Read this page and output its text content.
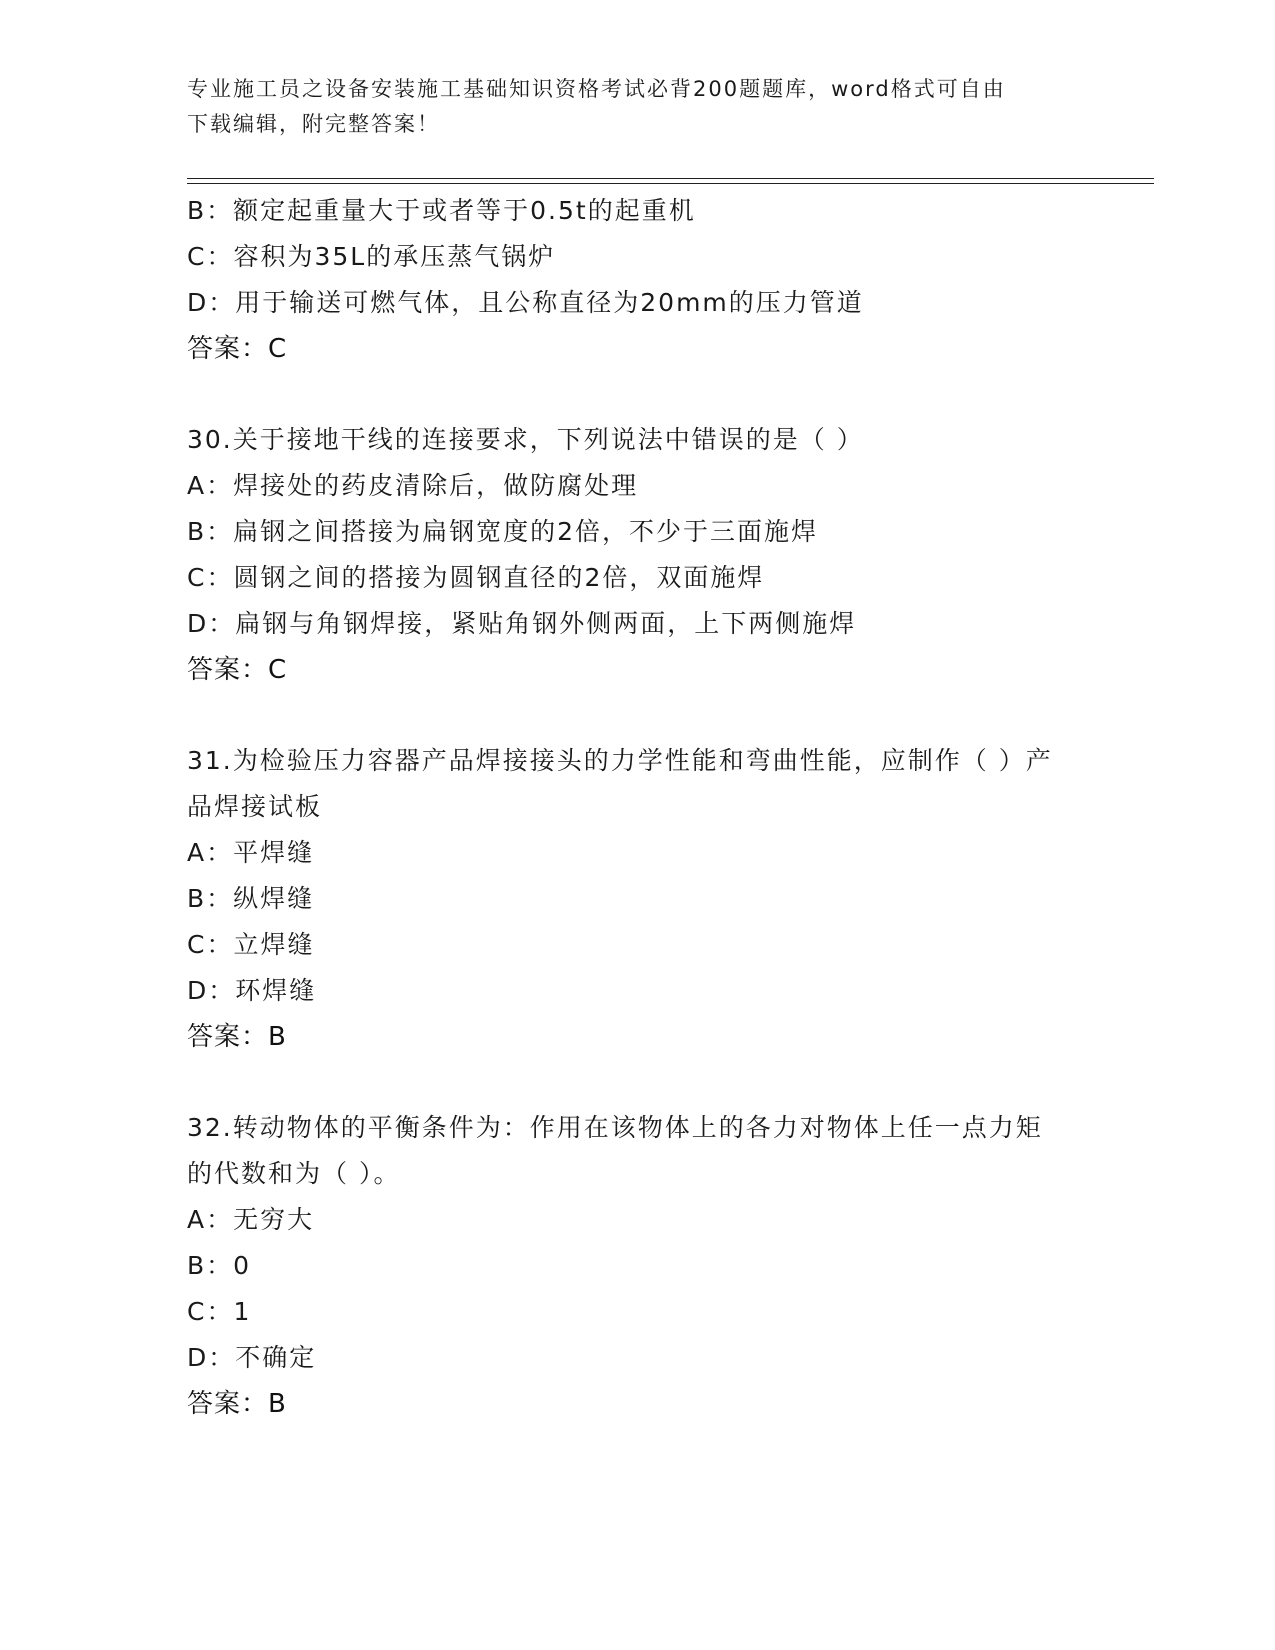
专业施工员之设备安装施工基础知识资格考试必背200题题库，word格式可自由
下载编辑，附完整答案！
B：额定起重量大于或者等于0.5t的起重机
C：容积为35L的承压蒸气锅炉
D：用于输送可燃气体，且公称直径为20mm的压力管道
答案：C
30.关于接地干线的连接要求，下列说法中错误的是（ ）
A：焊接处的药皮清除后，做防腐处理
B：扁钢之间搭接为扁钢宽度的2倍，不少于三面施焊
C：圆钢之间的搭接为圆钢直径的2倍，双面施焊
D：扁钢与角钢焊接，紧贴角钢外侧两面，上下两侧施焊
答案：C
31.为检验压力容器产品焊接接头的力学性能和弯曲性能，应制作（ ）产品焊接试板
A：平焊缝
B：纵焊缝
C：立焊缝
D：环焊缝
答案：B
32.转动物体的平衡条件为：作用在该物体上的各力对物体上任一点力矩的代数和为（ ）。
A：无穷大
B：0
C：1
D：不确定
答案：B
